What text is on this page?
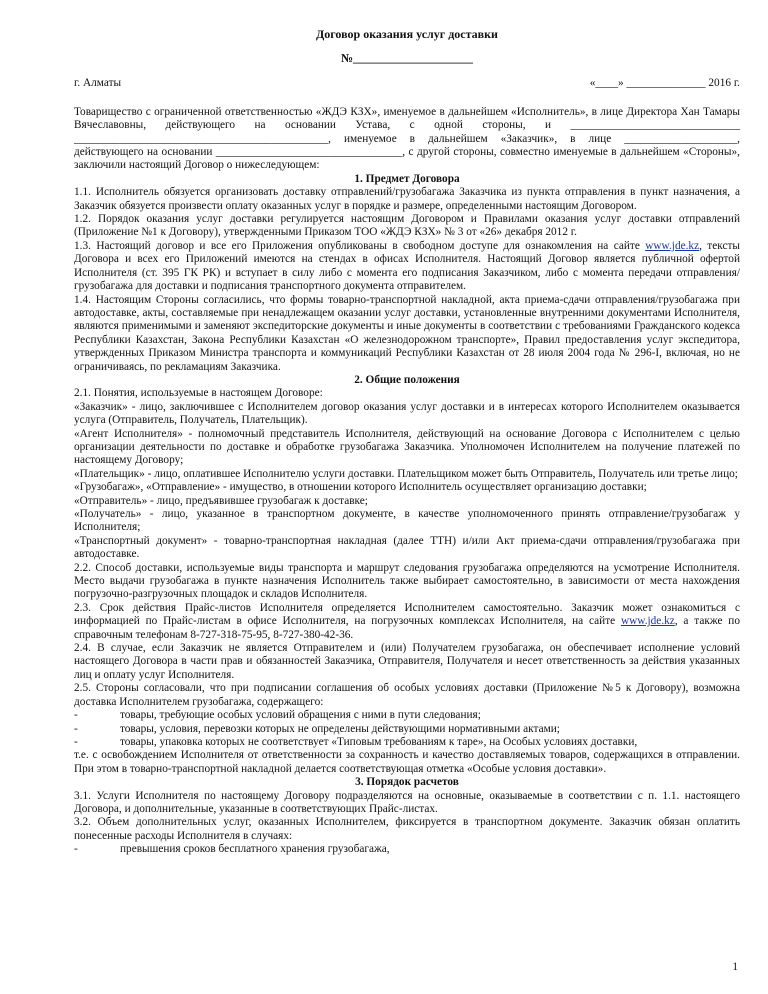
Договор оказания услуг доставки

№____________________

г. Алматы	«____» ______________ 2016 г.

Товарищество с ограниченной ответственностью «ЖДЭ КЗХ», именуемое в дальнейшем «Исполнитель», в лице Директора Хан Тамары Вячеславовны, действующего на основании Устава, с одной стороны, и ______________________________ _____________________________________________, именуемое в дальнейшем «Заказчик», в лице ____________________, действующего на основании _________________________________, с другой стороны, совместно именуемые в дальнейшем «Стороны», заключили настоящий Договор о нижеследующем:

1. Предмет Договора

1.1. Исполнитель обязуется организовать доставку отправлений/грузобагажа Заказчика из пункта отправления в пункт назначения, а Заказчик обязуется произвести оплату оказанных услуг в порядке и размере, определенными настоящим Договором.

1.2. Порядок оказания услуг доставки регулируется настоящим Договором и Правилами оказания услуг доставки отправлений (Приложение №1 к Договору), утвержденными Приказом ТОО «ЖДЭ КЗХ» № 3 от «26» декабря 2012 г.

1.3. Настоящий договор и все его Приложения опубликованы в свободном доступе для ознакомления на сайте www.jde.kz, тексты Договора и всех его Приложений имеются на стендах в офисах Исполнителя. Настоящий Договор является публичной офертой Исполнителя (ст. 395 ГК РК) и вступает в силу либо с момента его подписания Заказчиком, либо с момента передачи отправления/грузобагажа для доставки и подписания транспортного документа отправителем.

1.4. Настоящим Стороны согласились, что формы товарно-транспортной накладной, акта приема-сдачи отправления/грузобагажа при автодоставке, акты, составляемые при ненадлежащем оказании услуг доставки, установленные внутренними документами Исполнителя, являются применимыми и заменяют экспедиторские документы и иные документы в соответствии с требованиями Гражданского кодекса Республики Казахстан, Закона Республики Казахстан «О железнодорожном транспорте», Правил предоставления услуг экспедитора, утвержденных Приказом Министра транспорта и коммуникаций Республики Казахстан от 28 июля 2004 года № 296-I, включая, но не ограничиваясь, по рекламациям Заказчика.

2. Общие положения

2.1. Понятия, используемые в настоящем Договоре:

«Заказчик» - лицо, заключившее с Исполнителем договор оказания услуг доставки и в интересах которого Исполнителем оказывается услуга (Отправитель, Получатель, Плательщик).

«Агент Исполнителя» - полномочный представитель Исполнителя, действующий на основание Договора с Исполнителем с целью организации деятельности по доставке и обработке грузобагажа Заказчика. Уполномочен Исполнителем на получение платежей по настоящему Договору;

«Плательщик» - лицо, оплатившее Исполнителю услуги доставки. Плательщиком может быть Отправитель, Получатель или третье лицо;

«Грузобагаж», «Отправление» - имущество, в отношении которого Исполнитель осуществляет организацию доставки;

«Отправитель» - лицо, предъявившее грузобагаж к доставке;

«Получатель» - лицо, указанное в транспортном документе, в качестве уполномоченного принять отправление/грузобагаж у Исполнителя;

«Транспортный документ» - товарно-транспортная накладная (далее ТТН) и/или Акт приема-сдачи отправления/грузобагажа при автодоставке.

2.2. Способ доставки, используемые виды транспорта и маршрут следования грузобагажа определяются на усмотрение Исполнителя. Место выдачи грузобагажа в пункте назначения Исполнитель также выбирает самостоятельно, в зависимости от места нахождения погрузочно-разгрузочных площадок и складов Исполнителя.

2.3. Срок действия Прайс-листов Исполнителя определяется Исполнителем самостоятельно. Заказчик может ознакомиться с информацией по Прайс-листам в офисе Исполнителя, на погрузочных комплексах Исполнителя, на сайте www.jde.kz, а также по справочным телефонам 8-727-318-75-95, 8-727-380-42-36.

2.4. В случае, если Заказчик не является Отправителем и (или) Получателем грузобагажа, он обеспечивает исполнение условий настоящего Договора в части прав и обязанностей Заказчика, Отправителя, Получателя и несет ответственность за действия указанных лиц и оплату услуг Исполнителя.

2.5. Стороны согласовали, что при подписании соглашения об особых условиях доставки (Приложение №5 к Договору), возможна доставка Исполнителем грузобагажа, содержащего:

-	товары, требующие особых условий обращения с ними в пути следования;
-	товары, условия, перевозки которых не определены действующими нормативными актами;
-	товары, упаковка которых не соответствует «Типовым требованиям к таре», на Особых условиях доставки,

т.е. с освобождением Исполнителя от ответственности за сохранность и качество доставляемых товаров, содержащихся в отправлении. При этом в товарно-транспортной накладной делается соответствующая отметка «Особые условия доставки».

3. Порядок расчетов

3.1. Услуги Исполнителя по настоящему Договору подразделяются на основные, оказываемые в соответствии с п. 1.1. настоящего Договора, и дополнительные, указанные в соответствующих Прайс-листах.

3.2. Объем дополнительных услуг, оказанных Исполнителем, фиксируется в транспортном документе. Заказчик обязан оплатить понесенные расходы Исполнителя в случаях:

-	превышения сроков бесплатного хранения грузобагажа,
1
